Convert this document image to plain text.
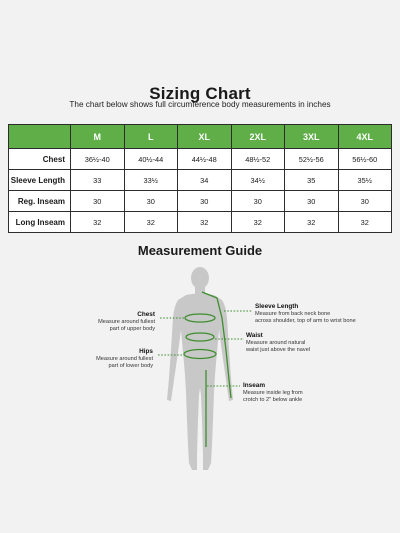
Sizing Chart
The chart below shows full circumference body measurements in inches
	M	L	XL	2XL	3XL	4XL
Chest	36½-40	40½-44	44½-48	48½-52	52½-56	56½-60
Sleeve Length	33	33½	34	34½	35	35½
Reg. Inseam	30	30	30	30	30	30
Long Inseam	32	32	32	32	32	32
Measurement Guide
Chest
Measure around fullest
part of upper body
Hips
Measure around fullest
part of lower body
Sleeve Length
Measure from back neck bone
across shoulder, top of arm to wrist bone
Waist
Measure around natural
waist just above the navel
Inseam
Measure inside leg from
crotch to 2" below ankle
